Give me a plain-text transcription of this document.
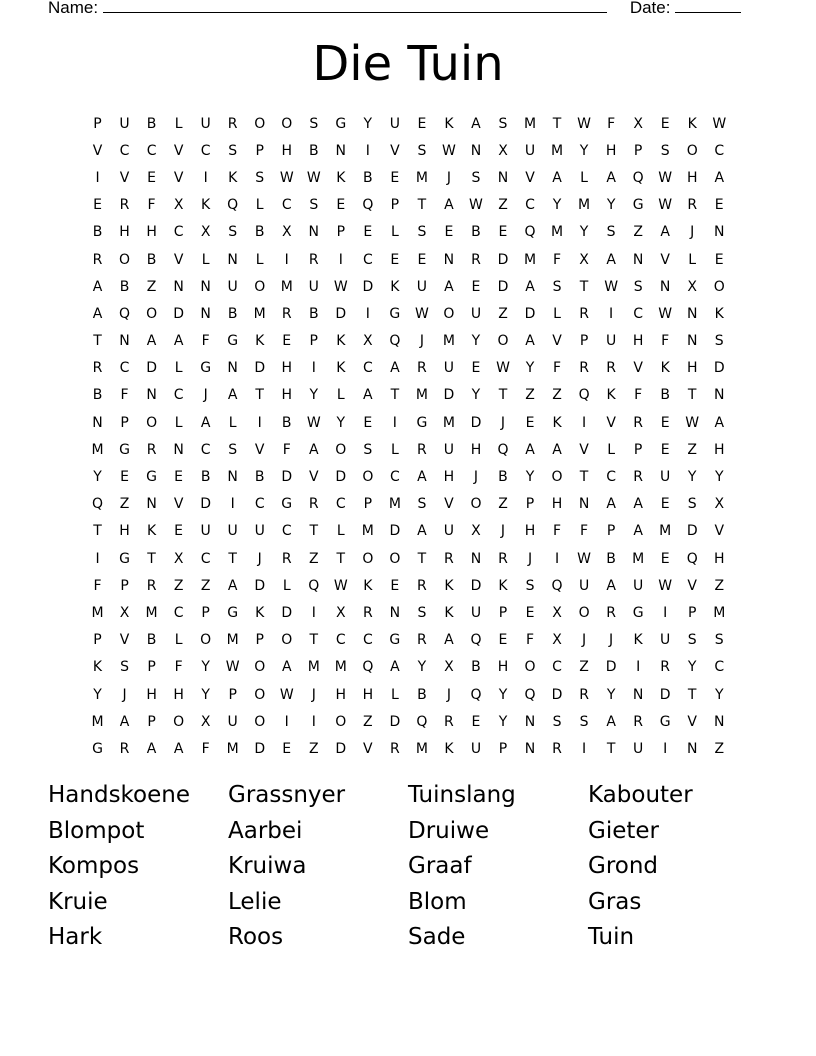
Name:	Date:
Die Tuin
P	U	B	L	U	R	O	O	S	G	Y	U	E	K	A	S	M	T	W	F	X	E	K	W
V	C	C	V	C	S	P	H	B	N	I	V	S	W	N	X	U	M	Y	H	P	S	O	C
I	V	E	V	I	K	S	W W	K	B	E	M	J	S	N	V	A	L	A	Q	W	H	A
E	R	F	X	K	Q	L	C	S	E	Q	P	T	A	W	Z	C	Y	M	Y	G	W	R	E
B	H	H	C	X	S	B	X	N	P	E	L	S	E	B	E	Q	M	Y	S	Z	A	J	N
R	O	B	V	L	N	L	I	R	I	C	E	E	N	R	D	M	F	X	A	N	V	L	E
A	B	Z	N	N	U	O	M	U	W	D	K	U	A	E	D	A	S	T	W	S	N	X	O
A	Q	O	D	N	B	M	R	B	D	I	G	W	O	U	Z	D	L	R	I	C	W	N	K
T	N	A	A	F	G	K	E	P	K	X	Q	J	M	Y	O	A	V	P	U	H	F	N	S
R	C	D	L	G	N	D	H	I	K	C	A	R	U	E	W	Y	F	R	R	V	K	H	D
B	F	N	C	J	A	T	H	Y	L	A	T	M	D	Y	T	Z	Z	Q	K	F	B	T	N
N	P	O	L	A	L	I	B	W	Y	E	I	G	M	D	J	E	K	I	V	R	E	W	A
M	G	R	N	C	S	V	F	A	O	S	L	R	U	H	Q	A	A	V	L	P	E	Z	H
Y	E	G	E	B	N	B	D	V	D	O	C	A	H	J	B	Y	O	T	C	R	U	Y	Y
Q	Z	N	V	D	I	C	G	R	C	P	M	S	V	O	Z	P	H	N	A	A	E	S	X
T	H	K	E	U	U	U	C	T	L	M	D	A	U	X	J	H	F	F	P	A	M	D	V
I	G	T	X	C	T	J	R	Z	T	O	O	T	R	N	R	J	I	W	B	M	E	Q	H
F	P	R	Z	Z	A	D	L	Q	W	K	E	R	K	D	K	S	Q	U	A	U	W	V	Z
M	X	M	C	P	G	K	D	I	X	R	N	S	K	U	P	E	X	O	R	G	I	P	M
P	V	B	L	O	M	P	O	T	C	C	G	R	A	Q	E	F	X	J	J	K	U	S	S
K	S	P	F	Y	W	O	A	M	M	Q	A	Y	X	B	H	O	C	Z	D	I	R	Y	C
Y	J	H	H	Y	P	O	W	J	H	H	L	B	J	Q	Y	Q	D	R	Y	N	D	T	Y
M	A	P	O	X	U	O	I	I	O	Z	D	Q	R	E	Y	N	S	S	A	R	G	V	N
G	R	A	A	F	M	D	E	Z	D	V	R	M	K	U	P	N	R	I	T	U	I	N	Z
Handskoene	Grassnyer	Tuinslang	Kabouter
Blompot	Aarbei	Druiwe	Gieter
Kompos	Kruiwa	Graaf	Grond
Kruie	Lelie	Blom	Gras
Hark	Roos	Sade	Tuin
